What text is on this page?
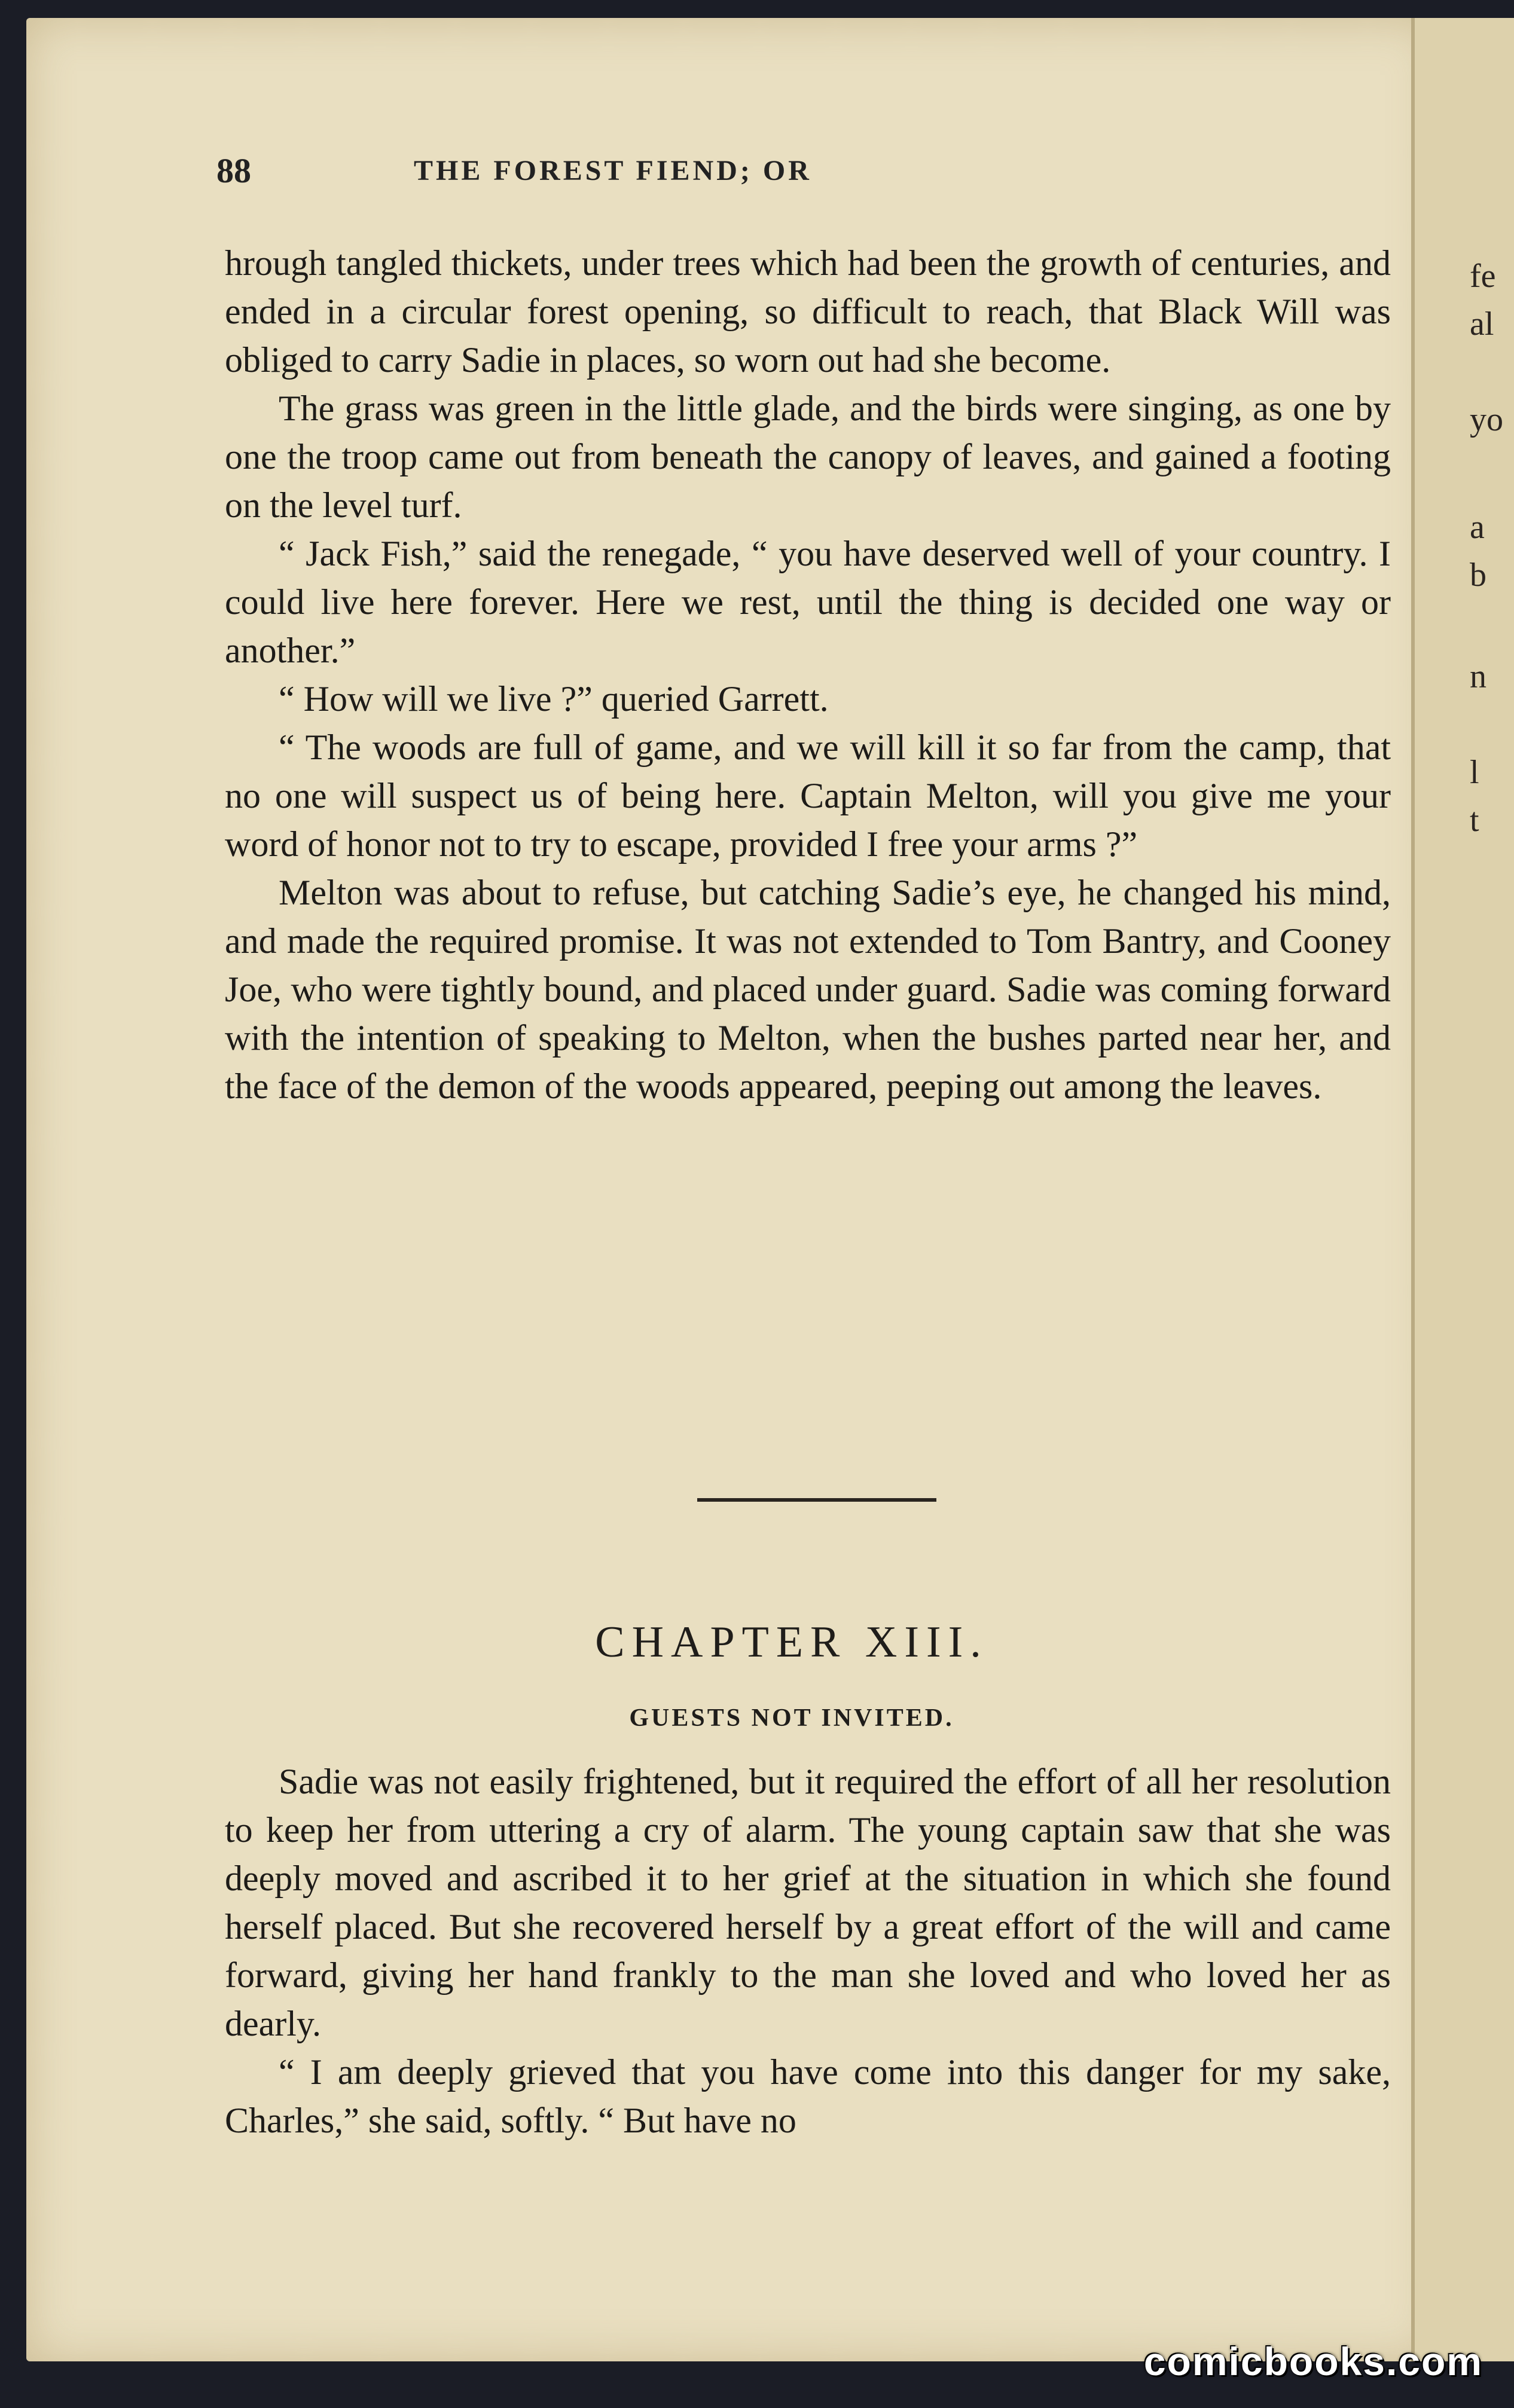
88	THE FOREST FIEND; OR

hrough tangled thickets, under trees which had been the growth of centuries, and ended in a circular forest opening, so difficult to reach, that Black Will was obliged to carry Sadie in places, so worn out had she become.

The grass was green in the little glade, and the birds were singing, as one by one the troop came out from beneath the canopy of leaves, and gained a footing on the level turf.

“ Jack Fish,” said the renegade, “ you have deserved well of your country. I could live here forever. Here we rest, until the thing is decided one way or another.”

“ How will we live ?” queried Garrett.

“ The woods are full of game, and we will kill it so far from the camp, that no one will suspect us of being here. Captain Melton, will you give me your word of honor not to try to escape, provided I free your arms ?”

Melton was about to refuse, but catching Sadie’s eye, he changed his mind, and made the required promise. It was not extended to Tom Bantry, and Cooney Joe, who were tightly bound, and placed under guard. Sadie was coming forward with the intention of speaking to Melton, when the bushes parted near her, and the face of the demon of the woods appeared, peeping out among the leaves.

CHAPTER XIII.
GUESTS NOT INVITED.

Sadie was not easily frightened, but it required the effort of all her resolution to keep her from uttering a cry of alarm. The young captain saw that she was deeply moved and ascribed it to her grief at the situation in which she found herself placed. But she recovered herself by a great effort of the will and came forward, giving her hand frankly to the man she loved and who loved her as dearly.

“ I am deeply grieved that you have come into this danger for my sake, Charles,” she said, softly. “ But have no

fe
al
yo
a
b
n
l
t
comicbooks.com
